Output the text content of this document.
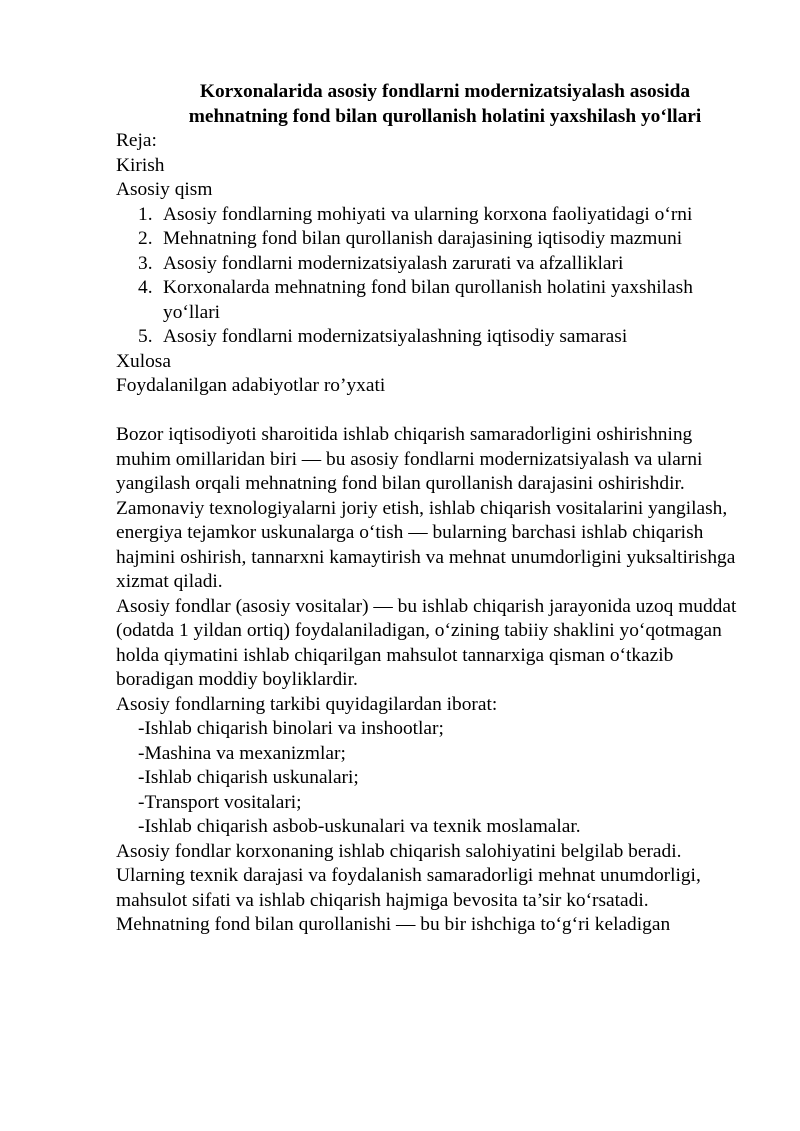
Korxonalarida asosiy fondlarni modernizatsiyalash asosida
mehnatning fond bilan qurollanish holatini yaxshilash yo‘llari

Reja:

Kirish

Asosiy qism

1. Asosiy fondlarning mohiyati va ularning korxona faoliyatidagi o‘rni
2. Mehnatning fond bilan qurollanish darajasining iqtisodiy mazmuni
3. Asosiy fondlarni modernizatsiyalash zarurati va afzalliklari
4. Korxonalarda mehnatning fond bilan qurollanish holatini yaxshilash yo‘llari
5. Asosiy fondlarni modernizatsiyalashning iqtisodiy samarasi

Xulosa

Foydalanilgan adabiyotlar ro’yxati

Bozor iqtisodiyoti sharoitida ishlab chiqarish samaradorligini oshirishning muhim omillaridan biri — bu asosiy fondlarni modernizatsiyalash va ularni yangilash orqali mehnatning fond bilan qurollanish darajasini oshirishdir.

Zamonaviy texnologiyalarni joriy etish, ishlab chiqarish vositalarini yangilash, energiya tejamkor uskunalarga o‘tish — bularning barchasi ishlab chiqarish hajmini oshirish, tannarxni kamaytirish va mehnat unumdorligini yuksaltirishga xizmat qiladi.

Asosiy fondlar (asosiy vositalar) — bu ishlab chiqarish jarayonida uzoq muddat (odatda 1 yildan ortiq) foydalaniladigan, o‘zining tabiiy shaklini yo‘qotmagan holda qiymatini ishlab chiqarilgan mahsulot tannarxiga qisman o‘tkazib boradigan moddiy boyliklardir.

Asosiy fondlarning tarkibi quyidagilardan iborat:

-Ishlab chiqarish binolari va inshootlar;
-Mashina va mexanizmlar;
-Ishlab chiqarish uskunalari;
-Transport vositalari;
-Ishlab chiqarish asbob-uskunalari va texnik moslamalar.

Asosiy fondlar korxonaning ishlab chiqarish salohiyatini belgilab beradi. Ularning texnik darajasi va foydalanish samaradorligi mehnat unumdorligi, mahsulot sifati va ishlab chiqarish hajmiga bevosita ta’sir ko‘rsatadi.

Mehnatning fond bilan qurollanishi — bu bir ishchiga to‘g‘ri keladigan
